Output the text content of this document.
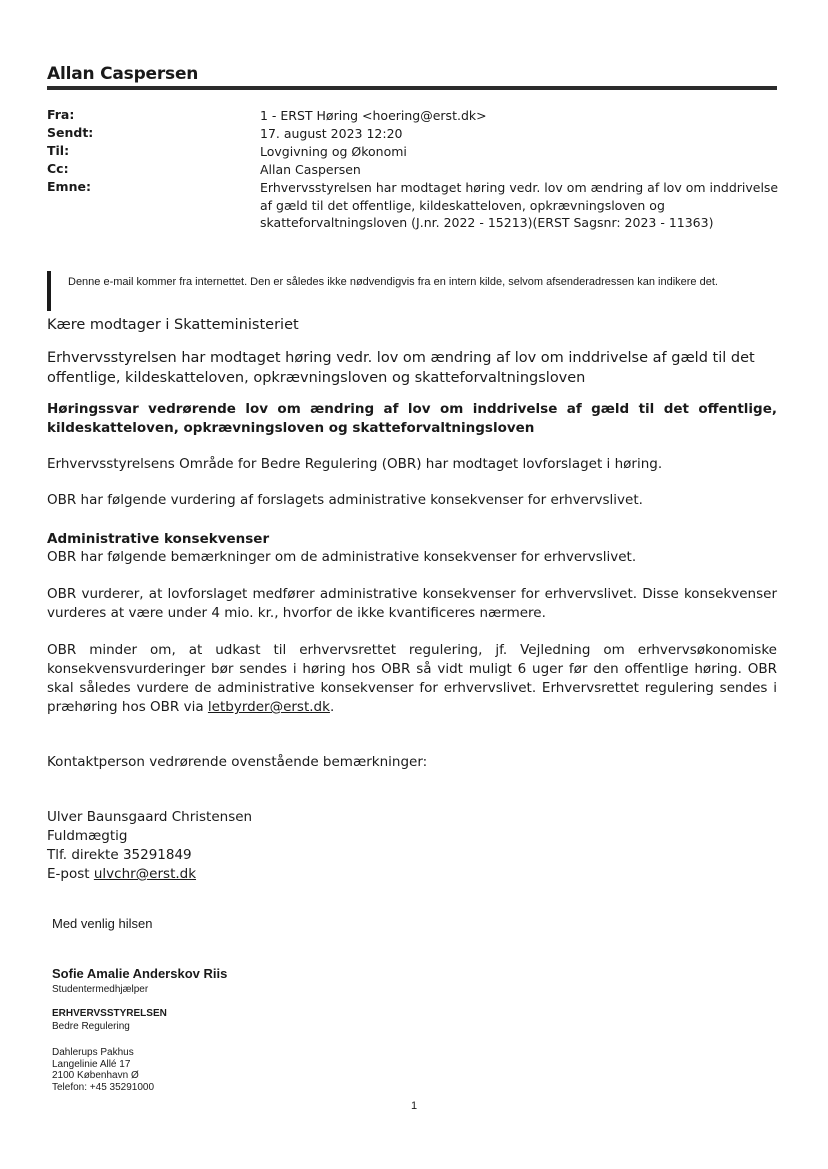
Allan Caspersen
Fra:	1 - ERST Høring <hoering@erst.dk>
Sendt:	17. august 2023 12:20
Til:	Lovgivning og Økonomi
Cc:	Allan Caspersen
Emne:	Erhvervsstyrelsen har modtaget høring vedr. lov om ændring af lov om inddrivelse af gæld til det offentlige, kildeskatteloven, opkrævningsloven og skatteforvaltningsloven (J.nr. 2022 - 15213)(ERST Sagsnr: 2023 - 11363)
Denne e-mail kommer fra internettet. Den er således ikke nødvendigvis fra en intern kilde, selvom afsenderadressen kan indikere det.
Kære modtager i Skatteministeriet
Erhvervsstyrelsen har modtaget høring vedr. lov om ændring af lov om inddrivelse af gæld til det offentlige, kildeskatteloven, opkrævningsloven og skatteforvaltningsloven
Høringssvar vedrørende lov om ændring af lov om inddrivelse af gæld til det offentlige, kildeskatteloven, opkrævningsloven og skatteforvaltningsloven
Erhvervsstyrelsens Område for Bedre Regulering (OBR) har modtaget lovforslaget i høring.
OBR har følgende vurdering af forslagets administrative konsekvenser for erhvervslivet.
Administrative konsekvenser
OBR har følgende bemærkninger om de administrative konsekvenser for erhvervslivet.
OBR vurderer, at lovforslaget medfører administrative konsekvenser for erhvervslivet. Disse konsekvenser vurderes at være under 4 mio. kr., hvorfor de ikke kvantificeres nærmere.
OBR minder om, at udkast til erhvervsrettet regulering, jf. Vejledning om erhvervsøkonomiske konsekvensvurderinger bør sendes i høring hos OBR så vidt muligt 6 uger før den offentlige høring. OBR skal således vurdere de administrative konsekvenser for erhvervslivet. Erhvervsrettet regulering sendes i præhøring hos OBR via letbyrder@erst.dk.
Kontaktperson vedrørende ovenstående bemærkninger:
Ulver Baunsgaard Christensen
Fuldmægtig
Tlf. direkte 35291849
E-post ulvchr@erst.dk
Med venlig hilsen
Sofie Amalie Anderskov Riis
Studentermedhjælper
ERHVERVSSTYRELSEN
Bedre Regulering
Dahlerups Pakhus
Langelinie Allé 17
2100 København Ø
Telefon: +45 35291000
1
